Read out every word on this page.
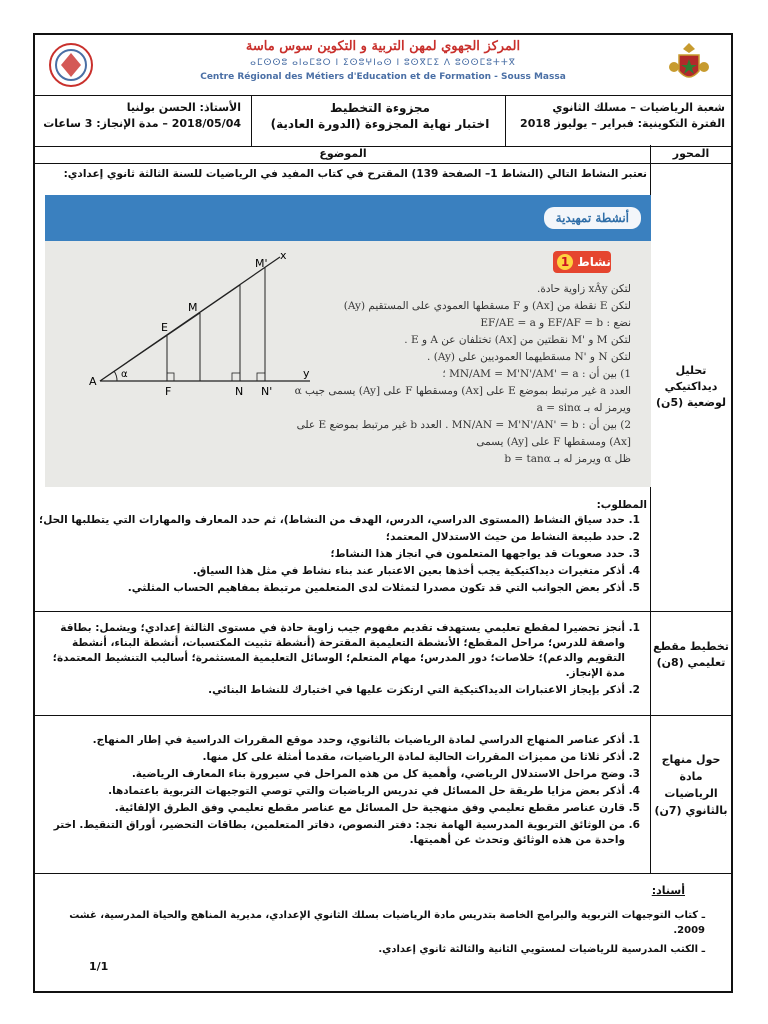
المركز الجهوي لمهن التربية و التكوين سوس ماسة
ⴰⵎⵙⵙⵓ ⴰⵏⴰⵎⵓⵔ ⵏ ⵉⵙⵓⵖⵏⴰⵙ ⵏ ⵓⵙⴳⵎⵉ ⴷ ⵓⵙⵙⵎⵓⵜⵜⴳ
Centre Régional des Métiers d'Education et de Formation - Souss Massa
شعبة الرياضيات – مسلك الثانوي
الفترة التكوينية: فبراير – يوليوز 2018
مجزوءة التخطيط
اختبار نهاية المجزوءة (الدورة العادية)
الأستاذ: الحسن بولنيا
2018/05/04 – مدة الإنجاز: 3 ساعات
المحور
الموضوع
تحليل ديداكتيكي لوضعية (5ن)
نعتبر النشاط التالي (النشاط 1– الصفحة 139) المقترح في كتاب المفيد في الرياضيات للسنة الثالثة ثانوي إعدادي:
أنشطة تمهيدية
نشاط 1
α
A
E
M
M'
x
F	N N'
y
لتكن xÂy زاوية حادة.
لتكن E نقطة من [Ax) و F مسقطها العمودي على المستقيم (Ay)
نضع : EF/AF = b و EF/AE = a
لتكن M و 'M نقطتين من [Ax) تختلفان عن A و E .
لتكن N و 'N مسقطيهما العموديين على (Ay) .
1) بين أن : MN/AM = M'N'/AM' = a ؛
العدد a غير مرتبط بموضع E على [Ax) ومسقطها F على [Ay) يسمى جيب α ويرمز له بـ a = sinα
2) بين أن : MN/AN = M'N'/AN' = b . العدد b غير مرتبط بموضع E على [Ax) ومسقطها F على [Ay) يسمى
ظل α ويرمز له بـ b = tanα
المطلوب:
1. حدد سياق النشاط (المستوى الدراسي، الدرس، الهدف من النشاط)، ثم حدد المعارف والمهارات التي يتطلبها الحل؛
2. حدد طبيعة النشاط من حيث الاستدلال المعتمد؛
3. حدد صعوبات قد يواجهها المتعلمون في انجاز هذا النشاط؛
4. أذكر متغيرات ديداكتيكية يجب أخذها بعين الاعتبار عند بناء نشاط في مثل هذا السياق.
5. أذكر بعض الجوانب التي قد تكون مصدرا لتمثلات لدى المتعلمين مرتبطة بمفاهيم الحساب المثلثي.
تخطيط مقطع تعليمي (8ن)
1. أنجز تحضيرا لمقطع تعليمي يستهدف تقديم مفهوم جيب زاوية حادة في مستوى الثالثة إعدادي؛ ويشمل: بطاقة واصفة للدرس؛ مراحل المقطع؛ الأنشطة التعليمية المقترحة (أنشطة تثبيت المكتسبات، أنشطة البناء، أنشطة التقويم والدعم)؛ خلاصات؛ دور المدرس؛ مهام المتعلم؛ الوسائل التعليمية المستثمرة؛ أساليب التنشيط المعتمدة؛ مدة الإنجاز.
2. أذكر بإيجاز الاعتبارات الديداكتيكية التي ارتكزت عليها في اختيارك للنشاط البنائي.
حول منهاج مادة الرياضيات بالثانوي (7ن)
1. أذكر عناصر المنهاج الدراسي لمادة الرياضيات بالثانوي، وحدد موقع المقررات الدراسية في إطار المنهاج.
2. أذكر ثلاثا من مميزات المقررات الحالية لمادة الرياضيات، مقدما أمثلة على كل منها.
3. وضح مراحل الاستدلال الرياضي، وأهمية كل من هذه المراحل في سيرورة بناء المعارف الرياضية.
4. أذكر بعض مزايا طريقة حل المسائل في تدريس الرياضيات والتي توصي التوجيهات التربوية باعتمادها.
5. قارن عناصر مقطع تعليمي وفق منهجية حل المسائل مع عناصر مقطع تعليمي وفق الطرق الإلقائية.
6. من الوثائق التربوية المدرسية الهامة نجد: دفتر النصوص، دفاتر المتعلمين، بطاقات التحضير، أوراق التنقيط. اختر واحدة من هذه الوثائق وتحدث عن أهميتها.
أسناد:
ـ كتاب التوجيهات التربوية والبرامج الخاصة بتدريس مادة الرياضيات بسلك الثانوي الإعدادي، مديرية المناهج والحياة المدرسية، غشت 2009.
ـ الكتب المدرسية للرياضيات لمستويي الثانية والثالثة ثانوي إعدادي.
1/1
